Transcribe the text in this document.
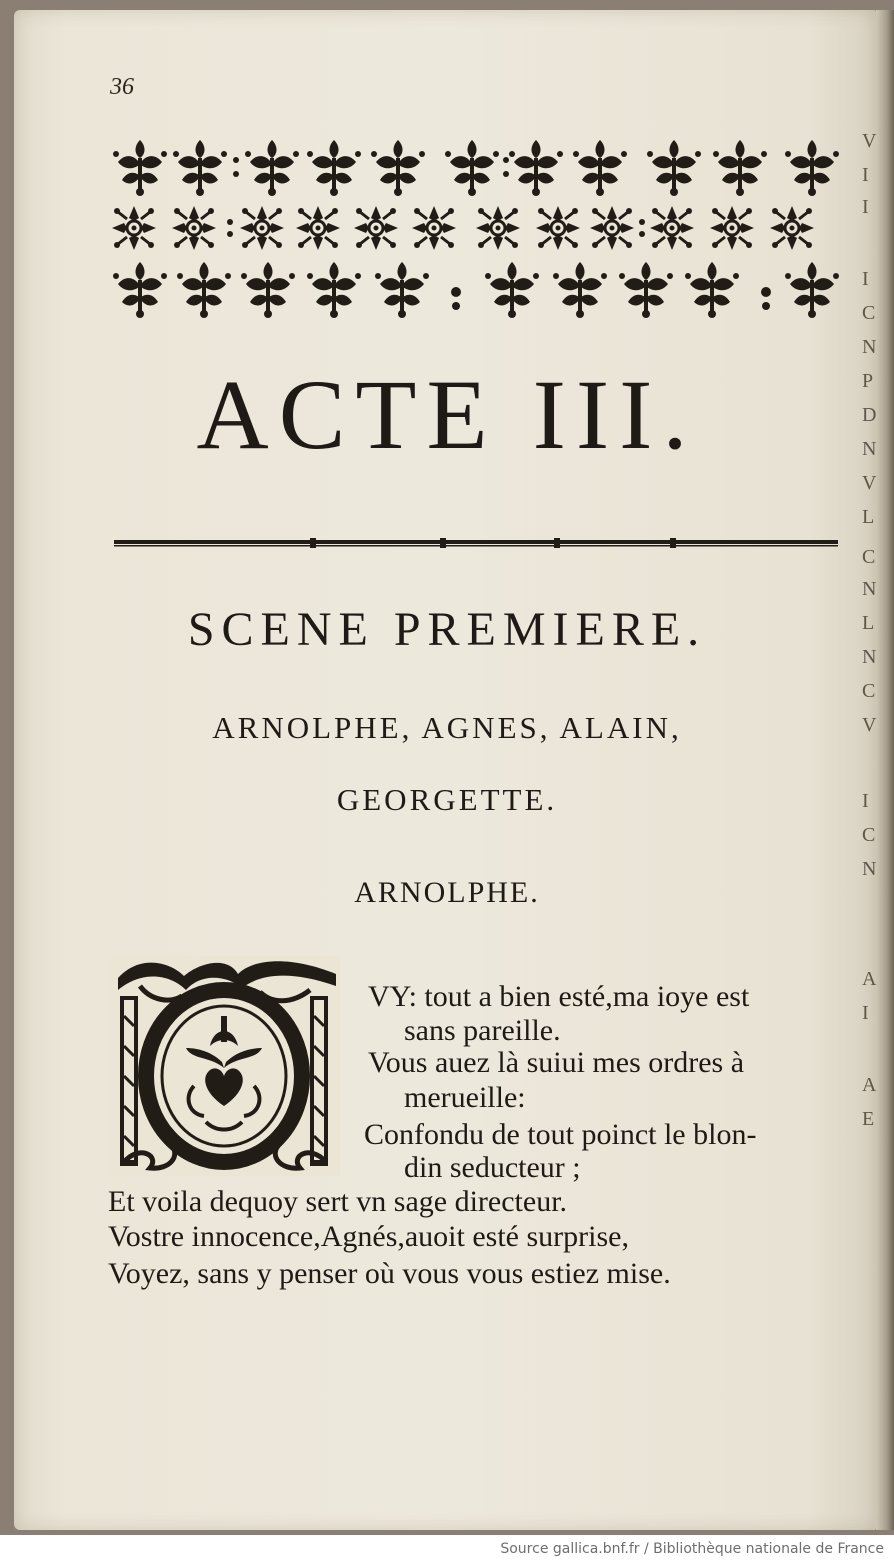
V
I
I
I
C
N
P
D
N
V
L
C
N
L
N
C
V
I
C
N
A
I
A
E
36
ACTE III.
SCENE PREMIERE.
ARNOLPHE, AGNES, ALAIN,
GEORGETTE.
ARNOLPHE.
VY: tout a bien esté,ma ioye est
sans pareille.
Vous auez là suiui mes ordres à
merueille:
Confondu de tout poinct le blon-
din seducteur ;
Et voila dequoy sert vn sage directeur.
Vostre innocence,Agnés,auoit esté surprise,
Voyez, sans y penser où vous vous estiez mise.
Source gallica.bnf.fr / Bibliothèque nationale de France
